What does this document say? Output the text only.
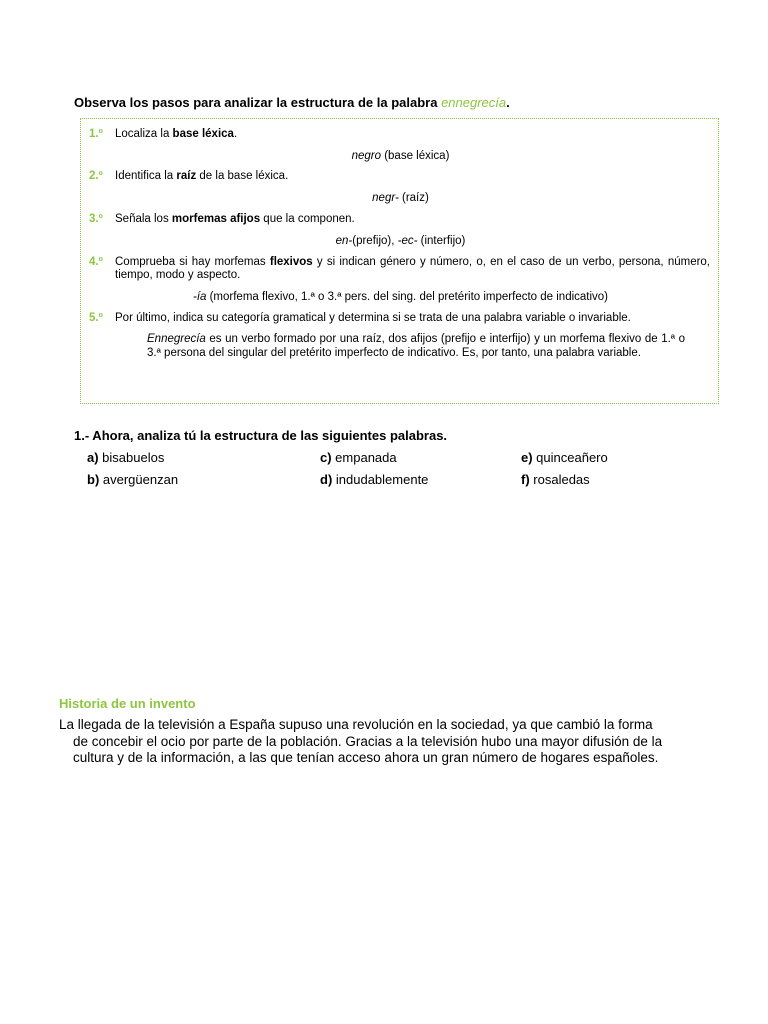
Observa los pasos para analizar la estructura de la palabra ennegrecía.
1.º Localiza la base léxica.
negro (base léxica)
2.º Identifica la raíz de la base léxica.
negr- (raíz)
3.º Señala los morfemas afijos que la componen.
en-(prefijo), -ec- (interfijo)
4.º Comprueba si hay morfemas flexivos y si indican género y número, o, en el caso de un verbo, persona, número, tiempo, modo y aspecto.
-ía (morfema flexivo, 1.ª o 3.ª pers. del sing. del pretérito imperfecto de indicativo)
5.º Por último, indica su categoría gramatical y determina si se trata de una palabra variable o invariable.
Ennegrecía es un verbo formado por una raíz, dos afijos (prefijo e interfijo) y un morfema flexivo de 1.ª o 3.ª persona del singular del pretérito imperfecto de indicativo. Es, por tanto, una palabra variable.
1.- Ahora, analiza tú la estructura de las siguientes palabras.
a) bisabuelos	c) empanada	e) quinceañero
b) avergüenzan	d) indudablemente	f) rosaledas
Historia de un invento

La llegada de la televisión a España supuso una revolución en la sociedad, ya que cambió la forma

de concebir el ocio por parte de la población. Gracias a la televisión hubo una mayor difusión de la

cultura y de la información, a las que tenían acceso ahora un gran número de hogares españoles.
